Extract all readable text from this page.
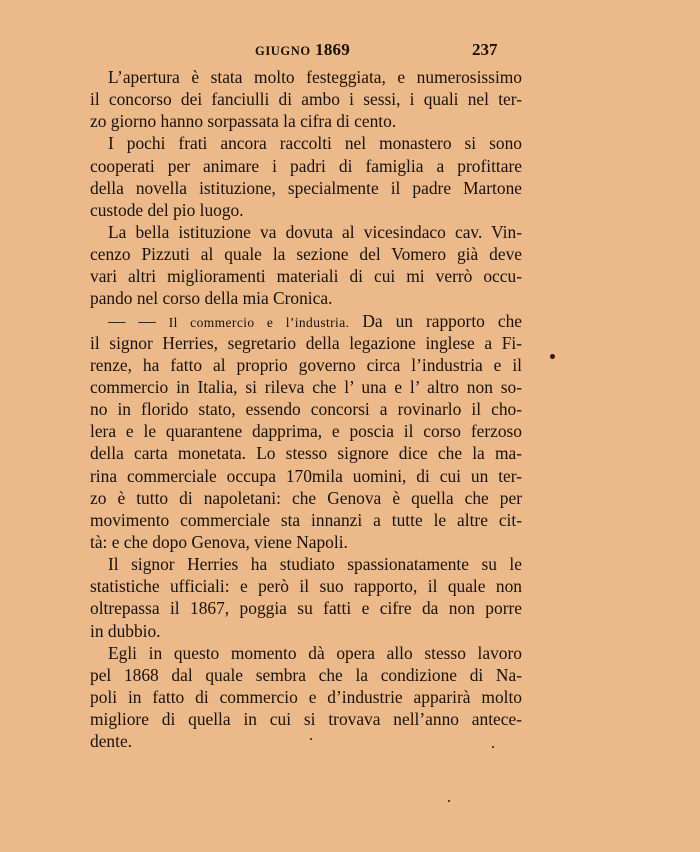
GIUGNO 1869	237
L’apertura è stata molto festeggiata, e numerosissimo
il concorso dei fanciulli di ambo i sessi, i quali nel ter-
zo giorno hanno sorpassata la cifra di cento.
I pochi frati ancora raccolti nel monastero si sono
cooperati per animare i padri di famiglia a profittare
della novella istituzione, specialmente il padre Martone
custode del pio luogo.
La bella istituzione va dovuta al vicesindaco cav. Vin-
cenzo Pizzuti al quale la sezione del Vomero già deve
vari altri miglioramenti materiali di cui mi verrò occu-
pando nel corso della mia Cronica.
— — Il commercio e l’industria. Da un rapporto che
il signor Herries, segretario della legazione inglese a Fi-
renze, ha fatto al proprio governo circa l’industria e il
commercio in Italia, si rileva che l’ una e l’ altro non so-
no in florido stato, essendo concorsi a rovinarlo il cho-
lera e le quarantene dapprima, e poscia il corso ferzoso
della carta monetata. Lo stesso signore dice che la ma-
rina commerciale occupa 170mila uomini, di cui un ter-
zo è tutto di napoletani: che Genova è quella che per
movimento commerciale sta innanzi a tutte le altre cit-
tà: e che dopo Genova, viene Napoli.
Il signor Herries ha studiato spassionatamente su le
statistiche ufficiali: e però il suo rapporto, il quale non
oltrepassa il 1867, poggia su fatti e cifre da non porre
in dubbio.
Egli in questo momento dà opera allo stesso lavoro
pel 1868 dal quale sembra che la condizione di Na-
poli in fatto di commercio e d’industrie apparirà molto
migliore di quella in cui si trovava nell’anno antece-
dente.
